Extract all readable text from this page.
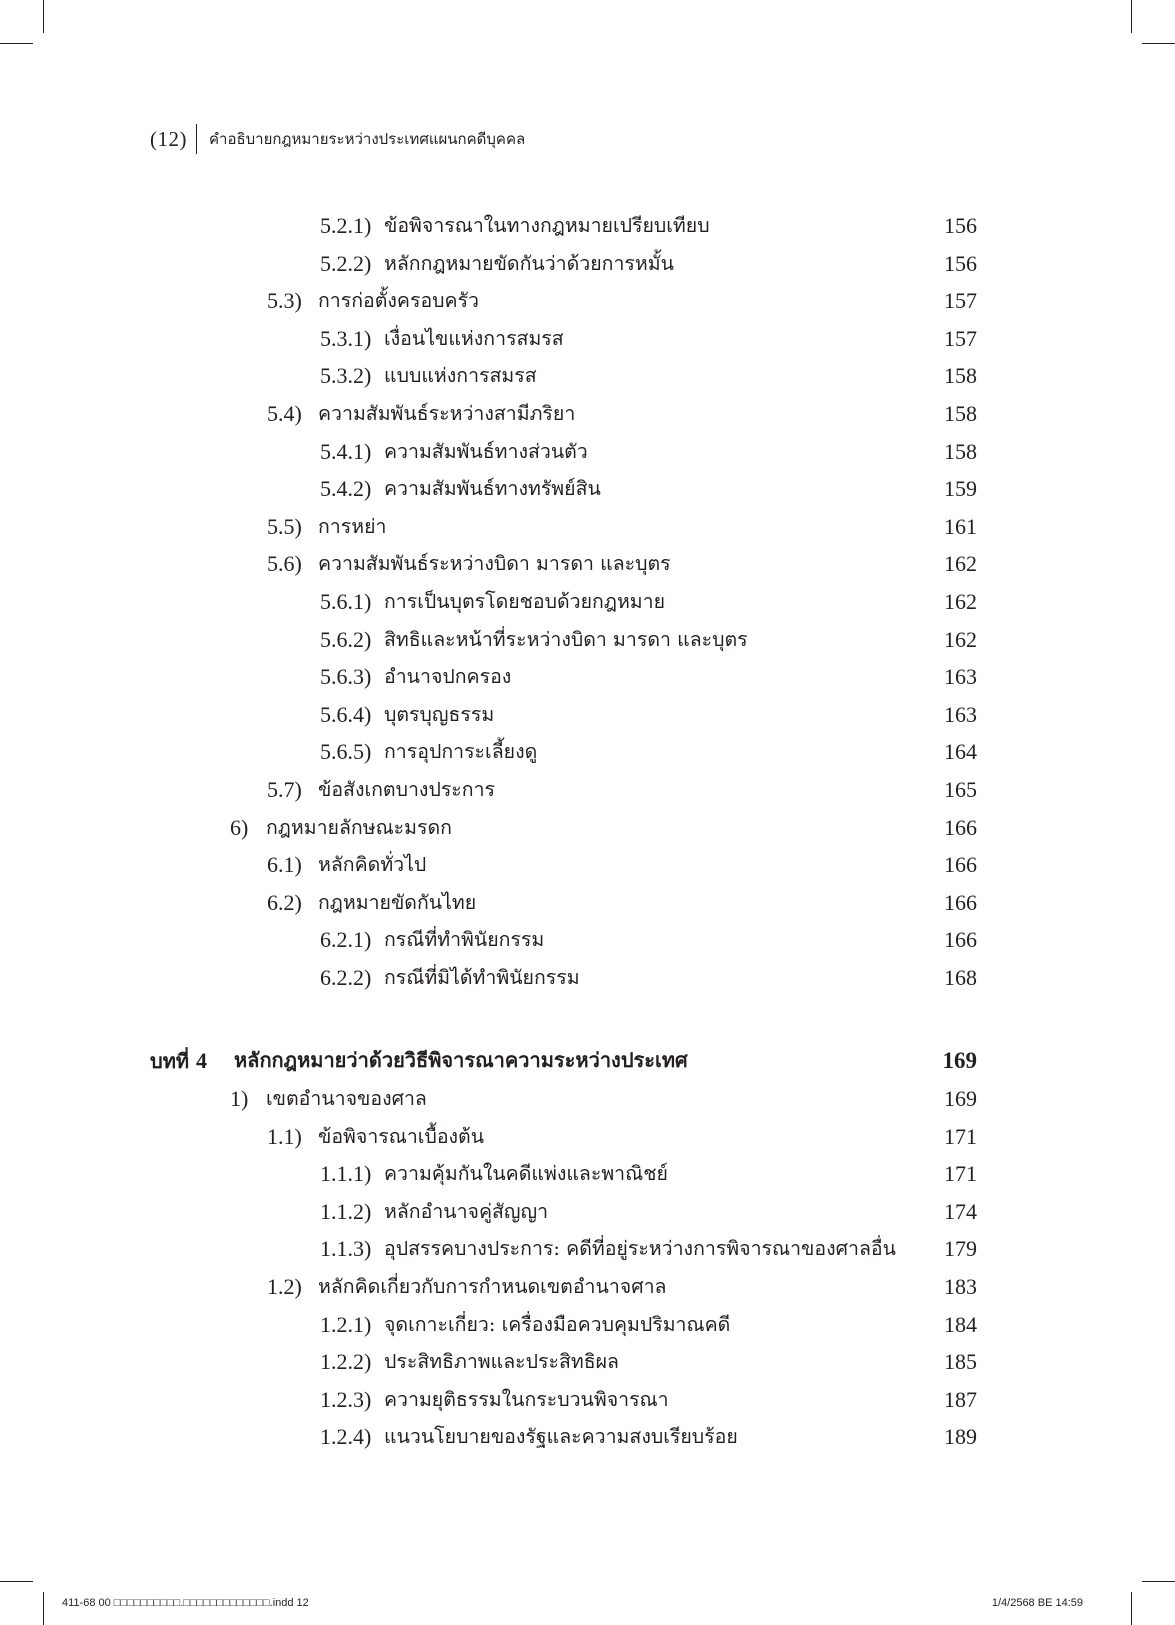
(12) คำอธิบายกฎหมายระหว่างประเทศแผนกคดีบุคคล
5.2.1) ข้อพิจารณาในทางกฎหมายเปรียบเทียบ	156
5.2.2) หลักกฎหมายขัดกันว่าด้วยการหมั้น	156
5.3) การก่อตั้งครอบครัว	157
5.3.1) เงื่อนไขแห่งการสมรส	157
5.3.2) แบบแห่งการสมรส	158
5.4) ความสัมพันธ์ระหว่างสามีภริยา	158
5.4.1) ความสัมพันธ์ทางส่วนตัว	158
5.4.2) ความสัมพันธ์ทางทรัพย์สิน	159
5.5) การหย่า	161
5.6) ความสัมพันธ์ระหว่างบิดา มารดา และบุตร	162
5.6.1) การเป็นบุตรโดยชอบด้วยกฎหมาย	162
5.6.2) สิทธิและหน้าที่ระหว่างบิดา มารดา และบุตร	162
5.6.3) อำนาจปกครอง	163
5.6.4) บุตรบุญธรรม	163
5.6.5) การอุปการะเลี้ยงดู	164
5.7) ข้อสังเกตบางประการ	165
6) กฎหมายลักษณะมรดก	166
6.1) หลักคิดทั่วไป	166
6.2) กฎหมายขัดกันไทย	166
6.2.1) กรณีที่ทำพินัยกรรม	166
6.2.2) กรณีที่มิได้ทำพินัยกรรม	168
บทที่ 4 หลักกฎหมายว่าด้วยวิธีพิจารณาความระหว่างประเทศ	169
1) เขตอำนาจของศาล	169
1.1) ข้อพิจารณาเบื้องต้น	171
1.1.1) ความคุ้มกันในคดีแพ่งและพาณิชย์	171
1.1.2) หลักอำนาจคู่สัญญา	174
1.1.3) อุปสรรคบางประการ: คดีที่อยู่ระหว่างการพิจารณาของศาลอื่น 179
1.2) หลักคิดเกี่ยวกับการกำหนดเขตอำนาจศาล	183
1.2.1) จุดเกาะเกี่ยว: เครื่องมือควบคุมปริมาณคดี	184
1.2.2) ประสิทธิภาพและประสิทธิผล	185
1.2.3) ความยุติธรรมในกระบวนพิจารณา	187
1.2.4) แนวนโยบายของรัฐและความสงบเรียบร้อย	189
411-68 00 □□□□□□□□□□.□□□□□□□□□□□□□.indd 12	1/4/2568 BE 14:59
